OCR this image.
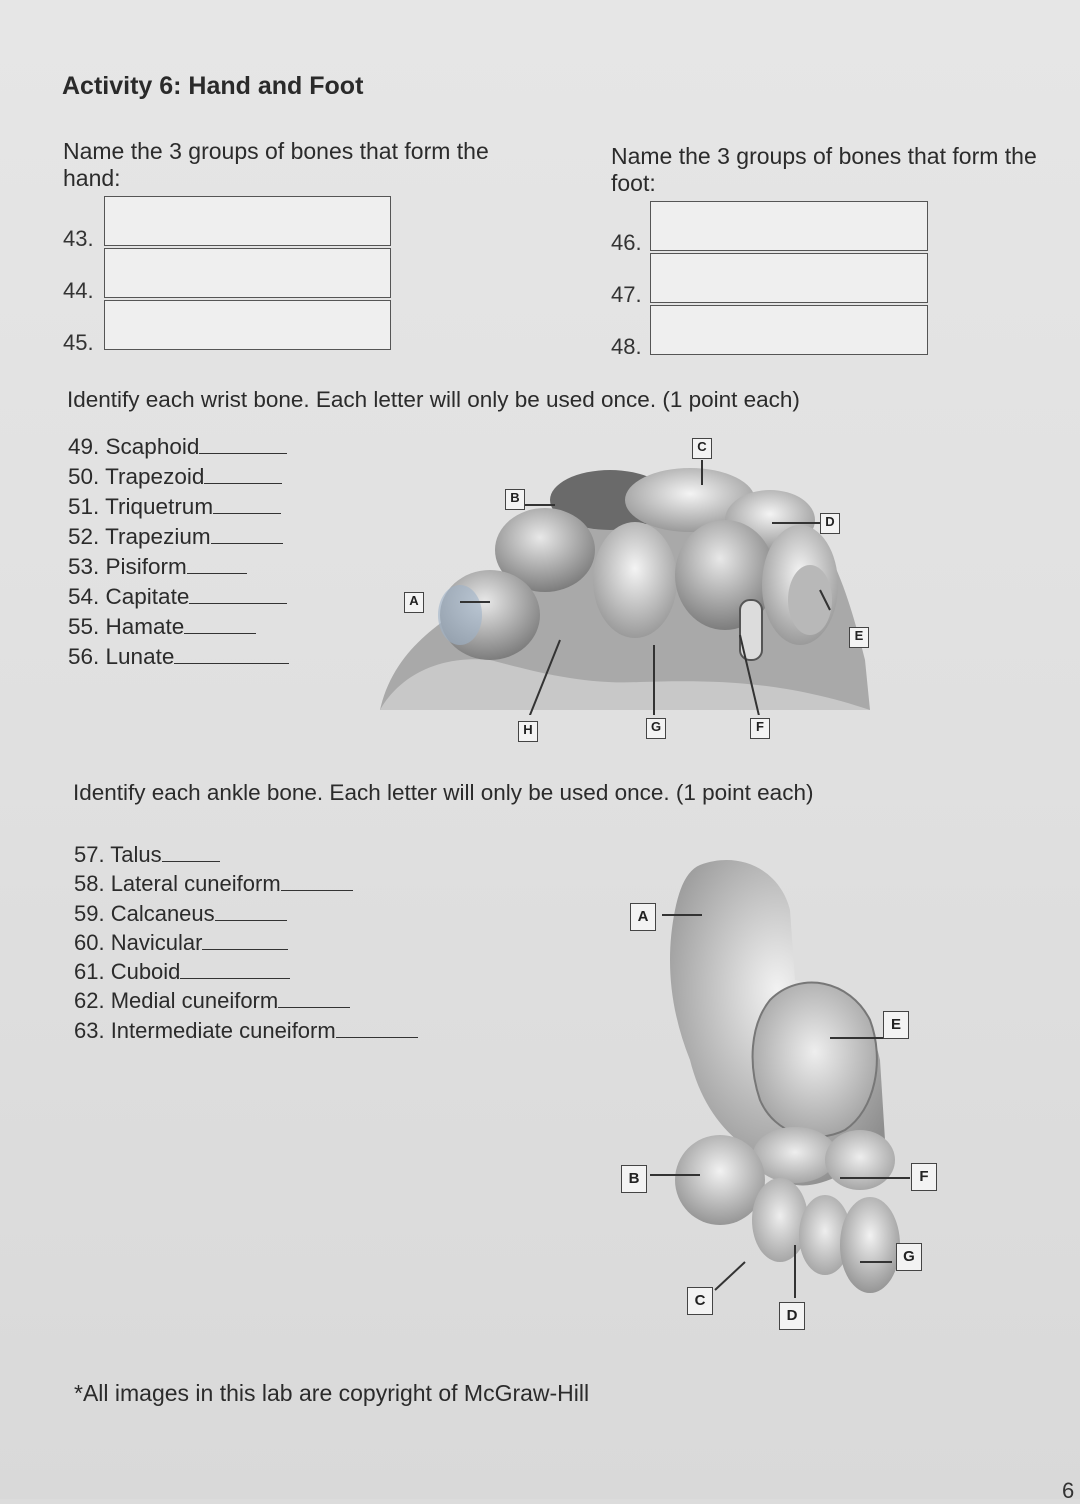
Activity 6: Hand and Foot
Name the 3 groups of bones that form the hand:
Name the 3 groups of bones that form the foot:
43.
44.
45.
46.
47.
48.
Identify each wrist bone. Each letter will only be used once. (1 point each)
49. Scaphoid
50. Trapezoid
51. Triquetrum
52. Trapezium
53. Pisiform
54. Capitate
55. Hamate
56. Lunate
A
B
C
D
E
F
G
H
Identify each ankle bone. Each letter will only be used once. (1 point each)
57. Talus
58. Lateral cuneiform
59. Calcaneus
60. Navicular
61. Cuboid
62. Medial cuneiform
63. Intermediate cuneiform
A
B
C
D
E
F
G
*All images in this lab are copyright of McGraw-Hill
6
